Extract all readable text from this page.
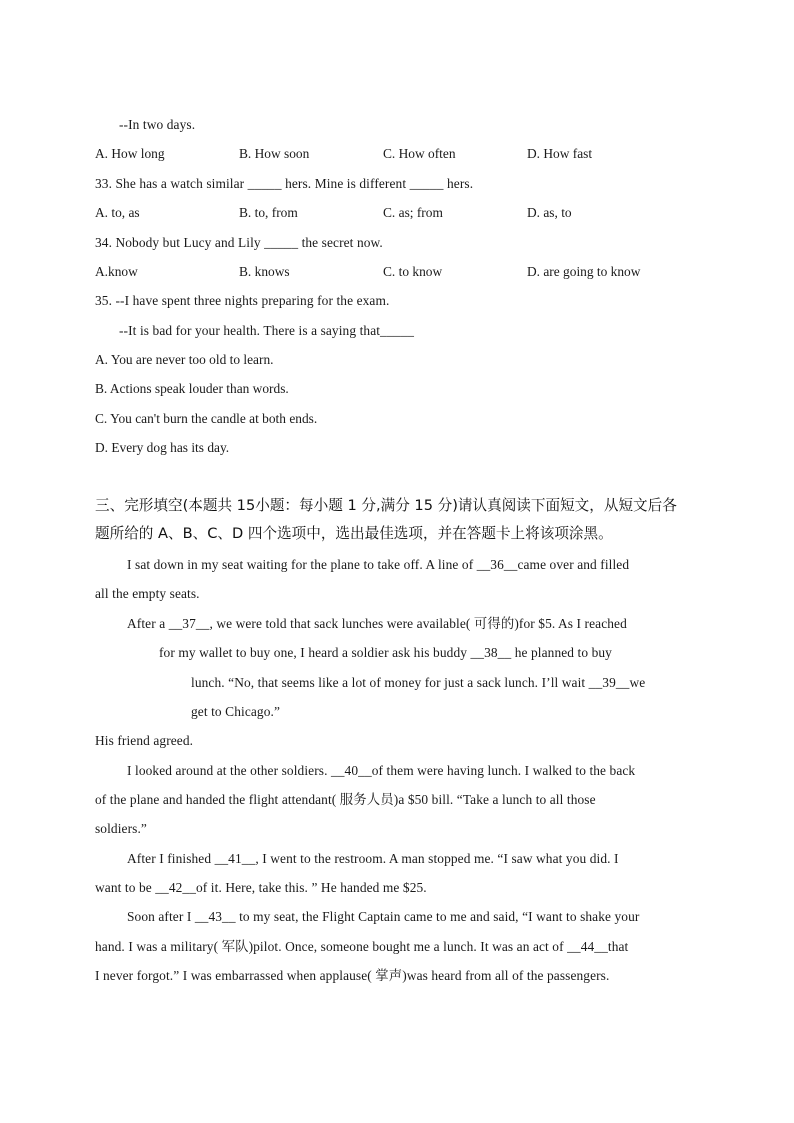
--In two days.
A. How long	B. How soon	C. How often	D. How fast
33. She has a watch similar _____ hers. Mine is different _____ hers.
A. to, as	B. to, from	C. as; from	D. as, to
34. Nobody but Lucy and Lily _____ the secret now.
A.know	B. knows	C. to know	D. are going to know
35. --I have spent three nights preparing for the exam.
--It is bad for your health. There is a saying that_____
A. You are never too old to learn.
B. Actions speak louder than words.
C. You can't burn the candle at both ends.
D. Every dog has its day.
三、完形填空(本题共 15小题：每小题 1 分,满分 15 分)请认真阅读下面短文，从短文后各
题所给的 A、B、C、D 四个选项中，选出最佳选项，并在答题卡上将该项涂黑。
I sat down in my seat waiting for the plane to take off. A line of __36__came over and filled
all the empty seats.
After a __37__, we were told that sack lunches were available( 可得的)for $5. As I reached
for my wallet to buy one, I heard a soldier ask his buddy __38__ he planned to buy
lunch. “No, that seems like a lot of money for just a sack lunch. I’ll wait __39__we
get to Chicago.”
His friend agreed.
I looked around at the other soldiers. __40__of them were having lunch. I walked to the back
of the plane and handed the flight attendant( 服务人员)a $50 bill. “Take a lunch to all those
soldiers.”
After I finished __41__, I went to the restroom. A man stopped me. “I saw what you did. I
want to be __42__of it. Here, take this. ” He handed me $25.
Soon after I __43__ to my seat, the Flight Captain came to me and said, “I want to shake your
hand. I was a military( 军队)pilot. Once, someone bought me a lunch. It was an act of __44__that
I never forgot.” I was embarrassed when applause( 掌声)was heard from all of the passengers.
